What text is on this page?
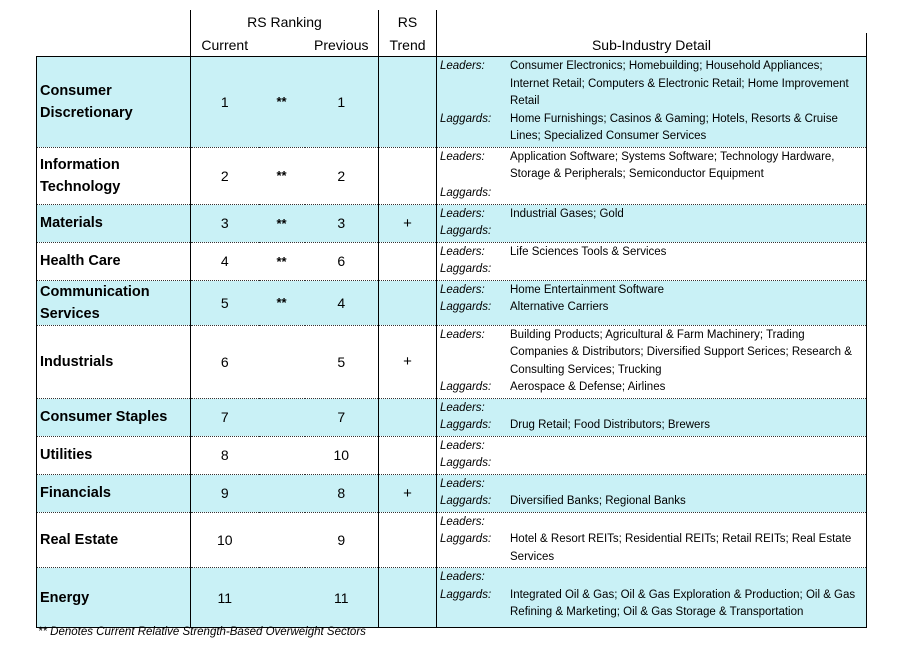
	RS Ranking			RS	
	Current		Previous	Trend	Sub-Industry Detail
Consumer Discretionary	1	**	1		Leaders: Consumer Electronics; Homebuilding; Household Appliances; Internet Retail; Computers & Electronic Retail; Home Improvement Retail
Laggards: Home Furnishings; Casinos & Gaming; Hotels, Resorts & Cruise Lines; Specialized Consumer Services

Information Technology	2	**	2		Leaders: Application Software; Systems Software; Technology Hardware, Storage & Peripherals; Semiconductor Equipment
Laggards:

Materials	3	**	3	+	Leaders: Industrial Gases; Gold
Laggards:

Health Care	4	**	6		Leaders: Life Sciences Tools & Services
Laggards:

Communication Services	5	**	4		Leaders: Home Entertainment Software
Laggards: Alternative Carriers

Industrials	6		5	+	Leaders: Building Products; Agricultural & Farm Machinery; Trading Companies & Distributors; Diversified Support Serices; Research & Consulting Services; Trucking
Laggards: Aerospace & Defense; Airlines

Consumer Staples	7		7		Leaders:
Laggards: Drug Retail; Food Distributors; Brewers

Utilities	8		10		Leaders:
Laggards:

Financials	9		8	+	Leaders:
Laggards: Diversified Banks; Regional Banks

Real Estate	10		9		Leaders:
Laggards: Hotel & Resort REITs; Residential REITs; Retail REITs; Real Estate Services

Energy	11		11		Leaders:
Laggards: Integrated Oil & Gas; Oil & Gas Exploration & Production; Oil & Gas Refining & Marketing; Oil & Gas Storage & Transportation
** Denotes Current Relative Strength-Based Overweight Sectors
